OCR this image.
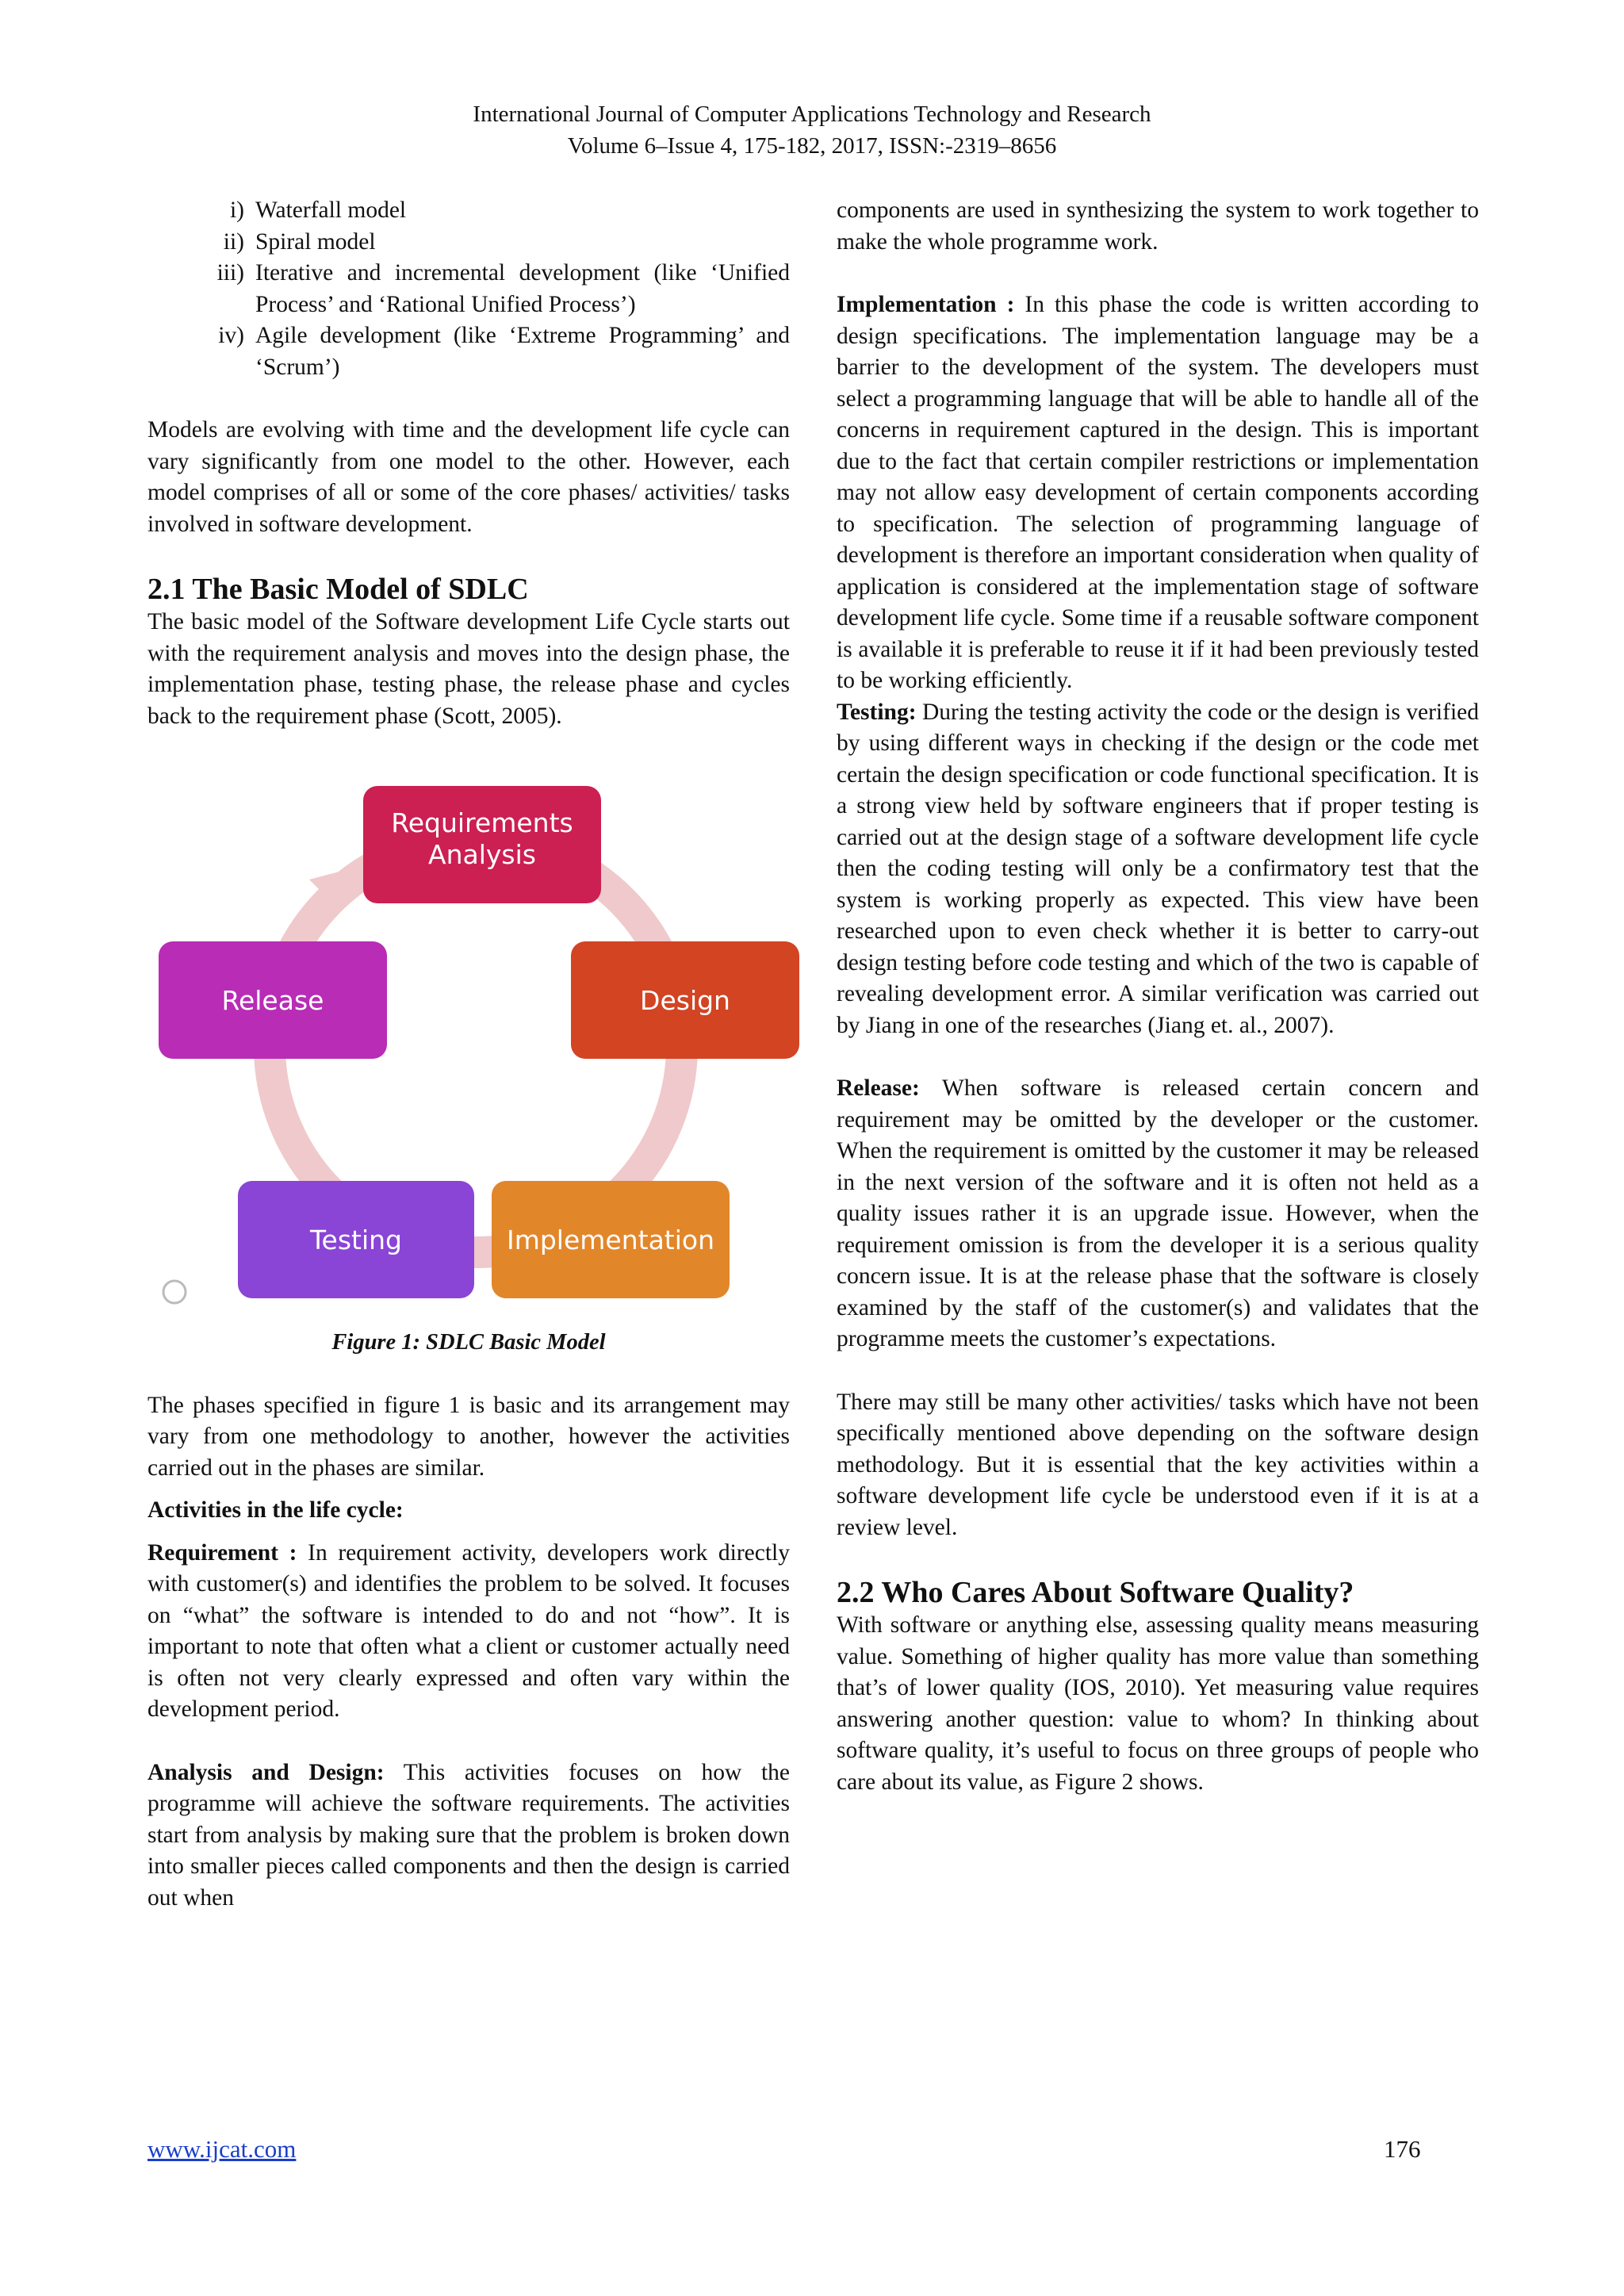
International Journal of Computer Applications Technology and Research
Volume 6–Issue 4, 175-182, 2017, ISSN:-2319–8656
i) Waterfall model
ii) Spiral model
iii) Iterative and incremental development (like ‘Unified Process’ and ‘Rational Unified Process’)
iv) Agile development (like ‘Extreme Programming’ and ‘Scrum’)

Models are evolving with time and the development life cycle can vary significantly from one model to the other. However, each model comprises of all or some of the core phases/ activities/ tasks involved in software development.

2.1 The Basic Model of SDLC

The basic model of the Software development Life Cycle starts out with the requirement analysis and moves into the design phase, the implementation phase, testing phase, the release phase and cycles back to the requirement phase (Scott, 2005).

Requirements
Analysis
Design
Release
Testing	Implementation
Figure 1: SDLC Basic Model

The phases specified in figure 1 is basic and its arrangement may vary from one methodology to another, however the activities carried out in the phases are similar.

Activities in the life cycle:

Requirement : In requirement activity, developers work directly with customer(s) and identifies the problem to be solved. It focuses on “what” the software is intended to do and not “how”. It is important to note that often what a client or customer actually need is often not very clearly expressed and often vary within the development period.

Analysis and Design: This activities focuses on how the programme will achieve the software requirements. The activities start from analysis by making sure that the problem is broken down into smaller pieces called components and then the design is carried out when

components are used in synthesizing the system to work together to make the whole programme work.

Implementation : In this phase the code is written according to design specifications. The implementation language may be a barrier to the development of the system. The developers must select a programming language that will be able to handle all of the concerns in requirement captured in the design. This is important due to the fact that certain compiler restrictions or implementation may not allow easy development of certain components according to specification. The selection of programming language of development is therefore an important consideration when quality of application is considered at the implementation stage of software development life cycle. Some time if a reusable software component is available it is preferable to reuse it if it had been previously tested to be working efficiently.

Testing: During the testing activity the code or the design is verified by using different ways in checking if the design or the code met certain the design specification or code functional specification. It is a strong view held by software engineers that if proper testing is carried out at the design stage of a software development life cycle then the coding testing will only be a confirmatory test that the system is working properly as expected. This view have been researched upon to even check whether it is better to carry-out design testing before code testing and which of the two is capable of revealing development error. A similar verification was carried out by Jiang in one of the researches (Jiang et. al., 2007).

Release: When software is released certain concern and requirement may be omitted by the developer or the customer. When the requirement is omitted by the customer it may be released in the next version of the software and it is often not held as a quality issues rather it is an upgrade issue. However, when the requirement omission is from the developer it is a serious quality concern issue. It is at the release phase that the software is closely examined by the staff of the customer(s) and validates that the programme meets the customer’s expectations.

There may still be many other activities/ tasks which have not been specifically mentioned above depending on the software design methodology. But it is essential that the key activities within a software development life cycle be understood even if it is at a review level.

2.2 Who Cares About Software Quality?

With software or anything else, assessing quality means measuring value. Something of higher quality has more value than something that’s of lower quality (IOS, 2010). Yet measuring value requires answering another question: value to whom? In thinking about software quality, it’s useful to focus on three groups of people who care about its value, as Figure 2 shows.

www.ijcat.com	176
